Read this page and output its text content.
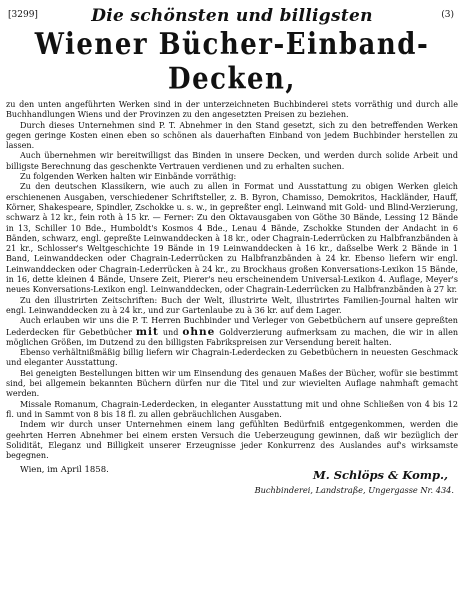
[3299]	Die schönsten und billigsten	(3)
Wiener Bücher-Einband-Decken,

zu den unten angeführten Werken sind in der unterzeichneten Buchbinderei stets vorräthig und durch alle Buchhandlungen Wiens und der Provinzen zu den angesetzten Preisen zu beziehen.

Durch dieses Unternehmen sind P. T. Abnehmer in den Stand gesetzt, sich zu den betreffenden Werken gegen geringe Kosten einen eben so schönen als dauerhaften Einband von jedem Buchbinder herstellen zu lassen.

Auch übernehmen wir bereitwilligst das Binden in unsere Decken, und werden durch solide Arbeit und billigste Berechnung das geschenkte Vertrauen verdienen und zu erhalten suchen.

Zu folgenden Werken halten wir Einbände vorräthig:

Zu den deutschen Klassikern, wie auch zu allen in Format und Ausstattung zu obigen Werken gleich erschienenen Ausgaben, verschiedener Schriftsteller, z. B. Byron, Chamisso, Demokritos, Hackländer, Hauff, Körner, Shakespeare, Spindler, Zschokke u. s. w., in gepreßter engl. Leinwand mit Gold- und Blind-Verzierung, schwarz à 12 kr., fein roth à 15 kr. — Ferner: Zu den Oktavausgaben von Göthe 30 Bände, Lessing 12 Bände in 13, Schiller 10 Bde., Humboldt's Kosmos 4 Bde., Lenau 4 Bände, Zschokke Stunden der Andacht in 6 Bänden, schwarz, engl. gepreßte Leinwanddecken à 18 kr., oder Chagrain-Lederrücken zu Halbfranzbänden à 21 kr., Schlosser's Weltgeschichte 19 Bände in 19 Leinwanddecken à 16 kr., daßselbe Werk 2 Bände in 1 Band, Leinwanddecken oder Chagrain-Lederrücken zu Halbfranzbänden à 24 kr. Ebenso liefern wir engl. Leinwanddecken oder Chagrain-Lederrücken à 24 kr., zu Brockhaus großen Konversations-Lexikon 15 Bände, in 16, dette kleinen 4 Bände, Unsere Zeit, Pierer's neu erscheinendem Universal-Lexikon 4. Auflage, Meyer's neues Konversations-Lexikon engl. Leinwanddecken, oder Chagrain-Lederrücken zu Halbfranzbänden à 27 kr.

Zu den illustrirten Zeitschriften: Buch der Welt, illustrirte Welt, illustrirtes Familien-Journal halten wir engl. Leinwanddecken zu à 24 kr., und zur Gartenlaube zu à 36 kr. auf dem Lager.

Auch erlauben wir uns die P. T. Herren Buchbinder und Verleger von Gebetbüchern auf unsere gepreßten Lederdecken für Gebetbücher mit und ohne Goldverzierung aufmerksam zu machen, die wir in allen möglichen Größen, im Dutzend zu den billigsten Fabrikspreisen zur Versendung bereit halten.

Ebenso verhältnißmäßig billig liefern wir Chagrain-Lederdecken zu Gebetbüchern in neuesten Geschmack und eleganter Ausstattung.

Bei geneigten Bestellungen bitten wir um Einsendung des genauen Maßes der Bücher, wofür sie bestimmt sind, bei allgemein bekannten Büchern dürfen nur die Titel und zur wievielten Auflage nahmhaft gemacht werden.

Missale Romanum, Chagrain-Lederdecken, in eleganter Ausstattung mit und ohne Schließen von 4 bis 12 fl. und in Sammt von 8 bis 18 fl. zu allen gebräuchlichen Ausgaben.

Indem wir durch unser Unternehmen einem lang gefühlten Bedürfniß entgegenkommen, werden die geehrten Herren Abnehmer bei einem ersten Versuch die Ueberzeugung gewinnen, daß wir bezüglich der Solidität, Eleganz und Billigkeit unserer Erzeugnisse jeder Konkurrenz des Auslandes auf's wirksamste begegnen.

Wien, im April 1858.	M. Schlöps & Komp.,
Buchbinderei, Landstraße, Ungergasse Nr. 434.
